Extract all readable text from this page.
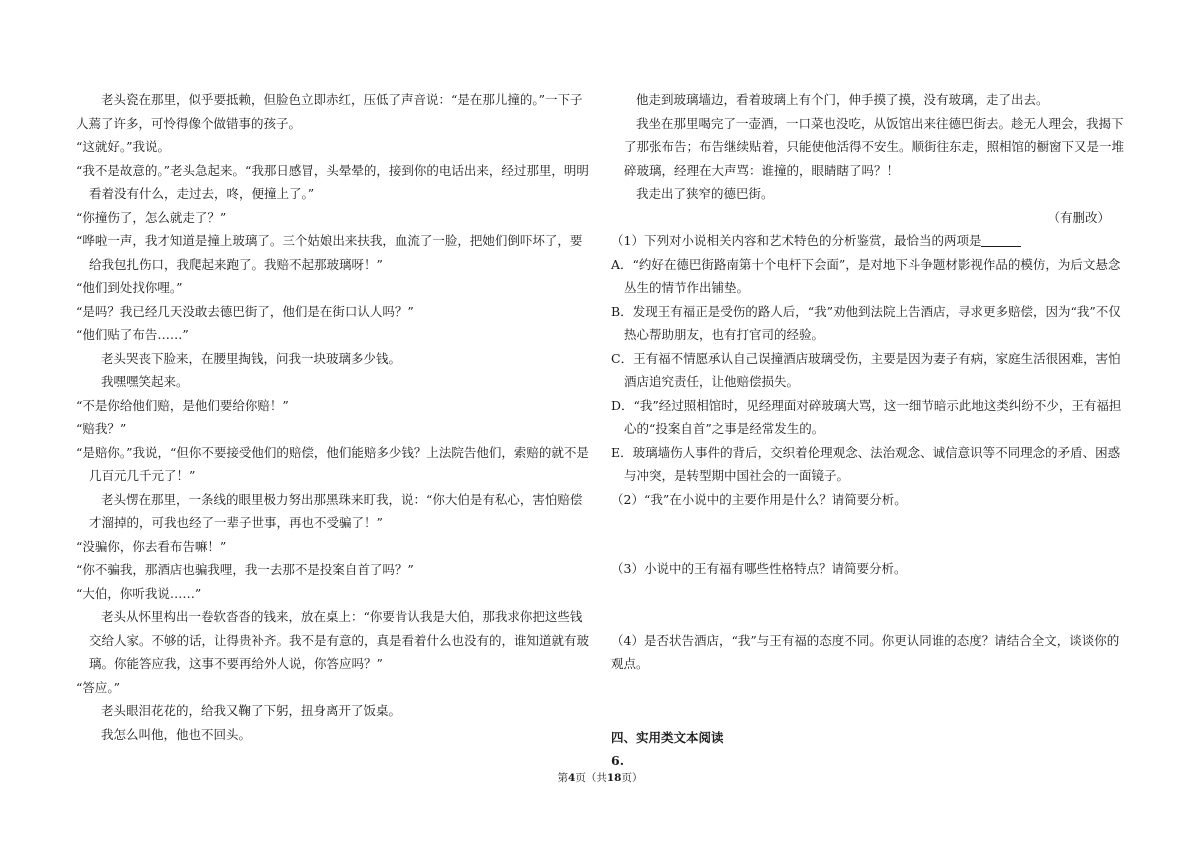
老头瓷在那里，似乎要抵赖，但脸色立即赤红，压低了声音说：“是在那儿撞的。”一下子人蔫了许多，可怜得像个做错事的孩子。

“这就好。”我说。

“我不是故意的。”老头急起来。“我那日感冒，头晕晕的，接到你的电话出来，经过那里，明明看着没有什么，走过去，咚，便撞上了。”

“你撞伤了，怎么就走了？”

“哗啦一声，我才知道是撞上玻璃了。三个姑娘出来扶我，血流了一脸，把她们倒吓坏了，要给我包扎伤口，我爬起来跑了。我赔不起那玻璃呀！”

“他们到处找你哩。”

“是吗？我已经几天没敢去德巴街了，他们是在街口认人吗？”

“他们贴了布告……”

老头哭丧下脸来，在腰里掏钱，问我一块玻璃多少钱。

我嘿嘿笑起来。

“不是你给他们赔，是他们要给你赔！”

“赔我？”

“是赔你。”我说，“但你不要接受他们的赔偿，他们能赔多少钱？上法院告他们，索赔的就不是几百元几千元了！”

老头愣在那里，一条线的眼里极力努出那黑珠来盯我，说：“你大伯是有私心，害怕赔偿才溜掉的，可我也经了一辈子世事，再也不受骗了！”

“没骗你，你去看布告嘛！”

“你不骗我，那酒店也骗我哩，我一去那不是投案自首了吗？”

“大伯，你听我说……”

老头从怀里构出一卷软沓沓的钱来，放在桌上：“你要肯认我是大伯，那我求你把这些钱交给人家。不够的话，让得贵补齐。我不是有意的，真是看着什么也没有的，谁知道就有玻璃。你能答应我，这事不要再给外人说，你答应吗？”

“答应。”

老头眼泪花花的，给我又鞠了下躬，扭身离开了饭桌。

我怎么叫他，他也不回头。

他走到玻璃墙边，看着玻璃上有个门，伸手摸了摸，没有玻璃，走了出去。

我坐在那里喝完了一壶酒，一口菜也没吃，从饭馆出来往德巴街去。趁无人理会，我揭下了那张布告；布告继续贴着，只能使他活得不安生。顺街往东走，照相馆的橱窗下又是一堆碎玻璃，经理在大声骂：谁撞的，眼睛瞎了吗？！

我走出了狭窄的德巴街。

（有删改）

（1）下列对小说相关内容和艺术特色的分析鉴赏，最恰当的两项是

A．“约好在德巴街路南第十个电杆下会面”，是对地下斗争题材影视作品的模仿，为后文悬念丛生的情节作出铺垫。

B．发现王有福正是受伤的路人后，“我”劝他到法院上告酒店，寻求更多赔偿，因为“我”不仅热心帮助朋友，也有打官司的经验。

C．王有福不情愿承认自己误撞酒店玻璃受伤，主要是因为妻子有病，家庭生活很困难，害怕酒店追究责任，让他赔偿损失。

D．“我”经过照相馆时，见经理面对碎玻璃大骂，这一细节暗示此地这类纠纷不少，王有福担心的“投案自首”之事是经常发生的。

E．玻璃墙伤人事件的背后，交织着伦理观念、法治观念、诚信意识等不同理念的矛盾、困惑与冲突，是转型期中国社会的一面镜子。

（2）“我”在小说中的主要作用是什么？请简要分析。

（3）小说中的王有福有哪些性格特点？请简要分析。

（4）是否状告酒店，“我”与王有福的态度不同。你更认同谁的态度？请结合全文，谈谈你的观点。

四、实用类文本阅读

6.

第4页（共18页）
